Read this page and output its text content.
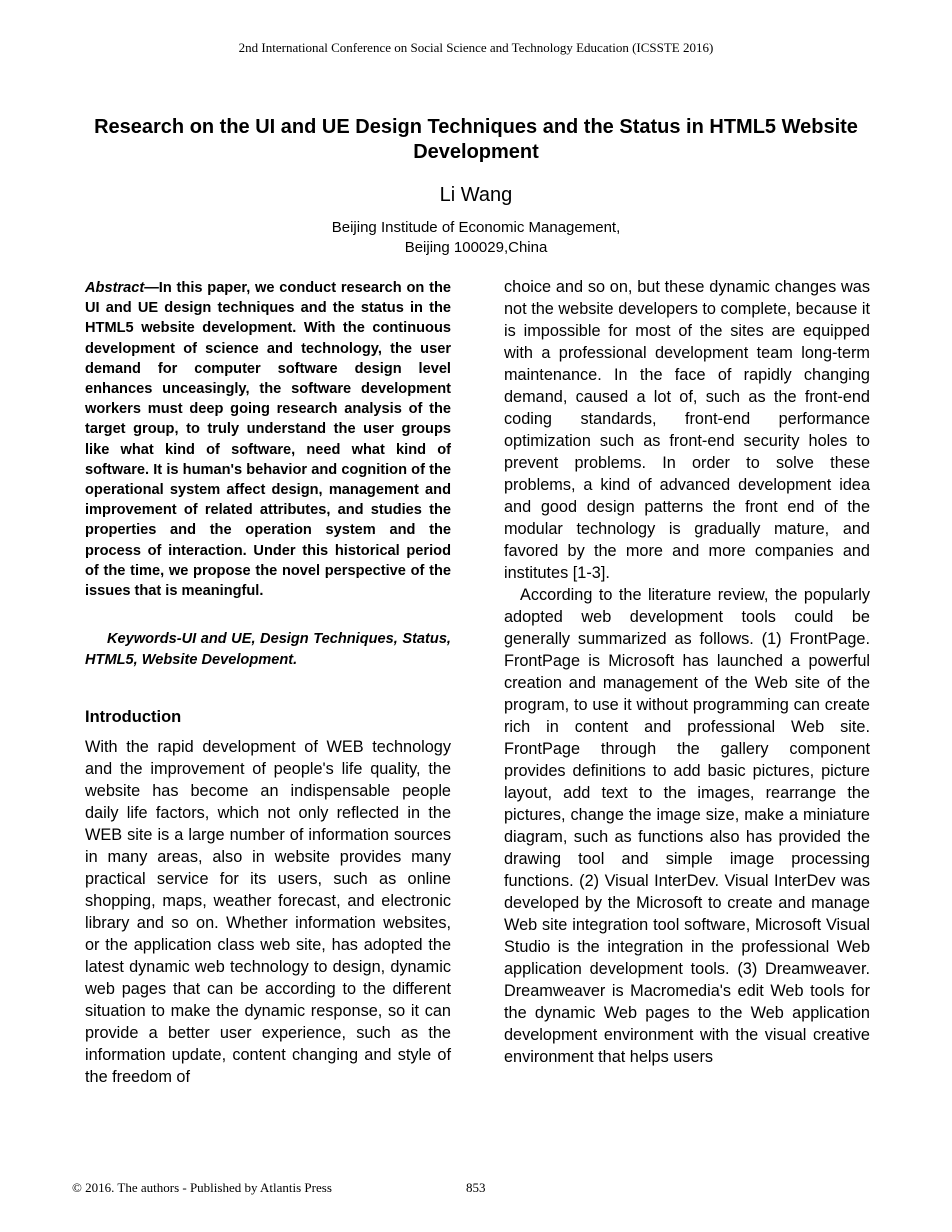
2nd International Conference on Social Science and Technology Education (ICSSTE 2016)
Research on the UI and UE Design Techniques and the Status in HTML5 Website Development
Li Wang
Beijing Institude of Economic Management,
Beijing 100029,China

Abstract—In this paper, we conduct research on the UI and UE design techniques and the status in the HTML5 website development. With the continuous development of science and technology, the user demand for computer software design level enhances unceasingly, the software development workers must deep going research analysis of the target group, to truly understand the user groups like what kind of software, need what kind of software. It is human's behavior and cognition of the operational system affect design, management and improvement of related attributes, and studies the properties and the operation system and the process of interaction. Under this historical period of the time, we propose the novel perspective of the issues that is meaningful.

Keywords-UI and UE, Design Techniques, Status, HTML5, Website Development.

Introduction

With the rapid development of WEB technology and the improvement of people's life quality, the website has become an indispensable people daily life factors, which not only reflected in the WEB site is a large number of information sources in many areas, also in website provides many practical service for its users, such as online shopping, maps, weather forecast, and electronic library and so on. Whether information websites, or the application class web site, has adopted the latest dynamic web technology to design, dynamic web pages that can be according to the different situation to make the dynamic response, so it can provide a better user experience, such as the information update, content changing and style of the freedom of

choice and so on, but these dynamic changes was not the website developers to complete, because it is impossible for most of the sites are equipped with a professional development team long-term maintenance. In the face of rapidly changing demand, caused a lot of, such as the front-end coding standards, front-end performance optimization such as front-end security holes to prevent problems. In order to solve these problems, a kind of advanced development idea and good design patterns the front end of the modular technology is gradually mature, and favored by the more and more companies and institutes [1-3].

According to the literature review, the popularly adopted web development tools could be generally summarized as follows. (1) FrontPage. FrontPage is Microsoft has launched a powerful creation and management of the Web site of the program, to use it without programming can create rich in content and professional Web site. FrontPage through the gallery component provides definitions to add basic pictures, picture layout, add text to the images, rearrange the pictures, change the image size, make a miniature diagram, such as functions also has provided the drawing tool and simple image processing functions. (2) Visual InterDev. Visual InterDev was developed by the Microsoft to create and manage Web site integration tool software, Microsoft Visual Studio is the integration in the professional Web application development tools. (3) Dreamweaver. Dreamweaver is Macromedia's edit Web tools for the dynamic Web pages to the Web application development environment with the visual creative environment that helps users

© 2016. The authors - Published by Atlantis Press	853
